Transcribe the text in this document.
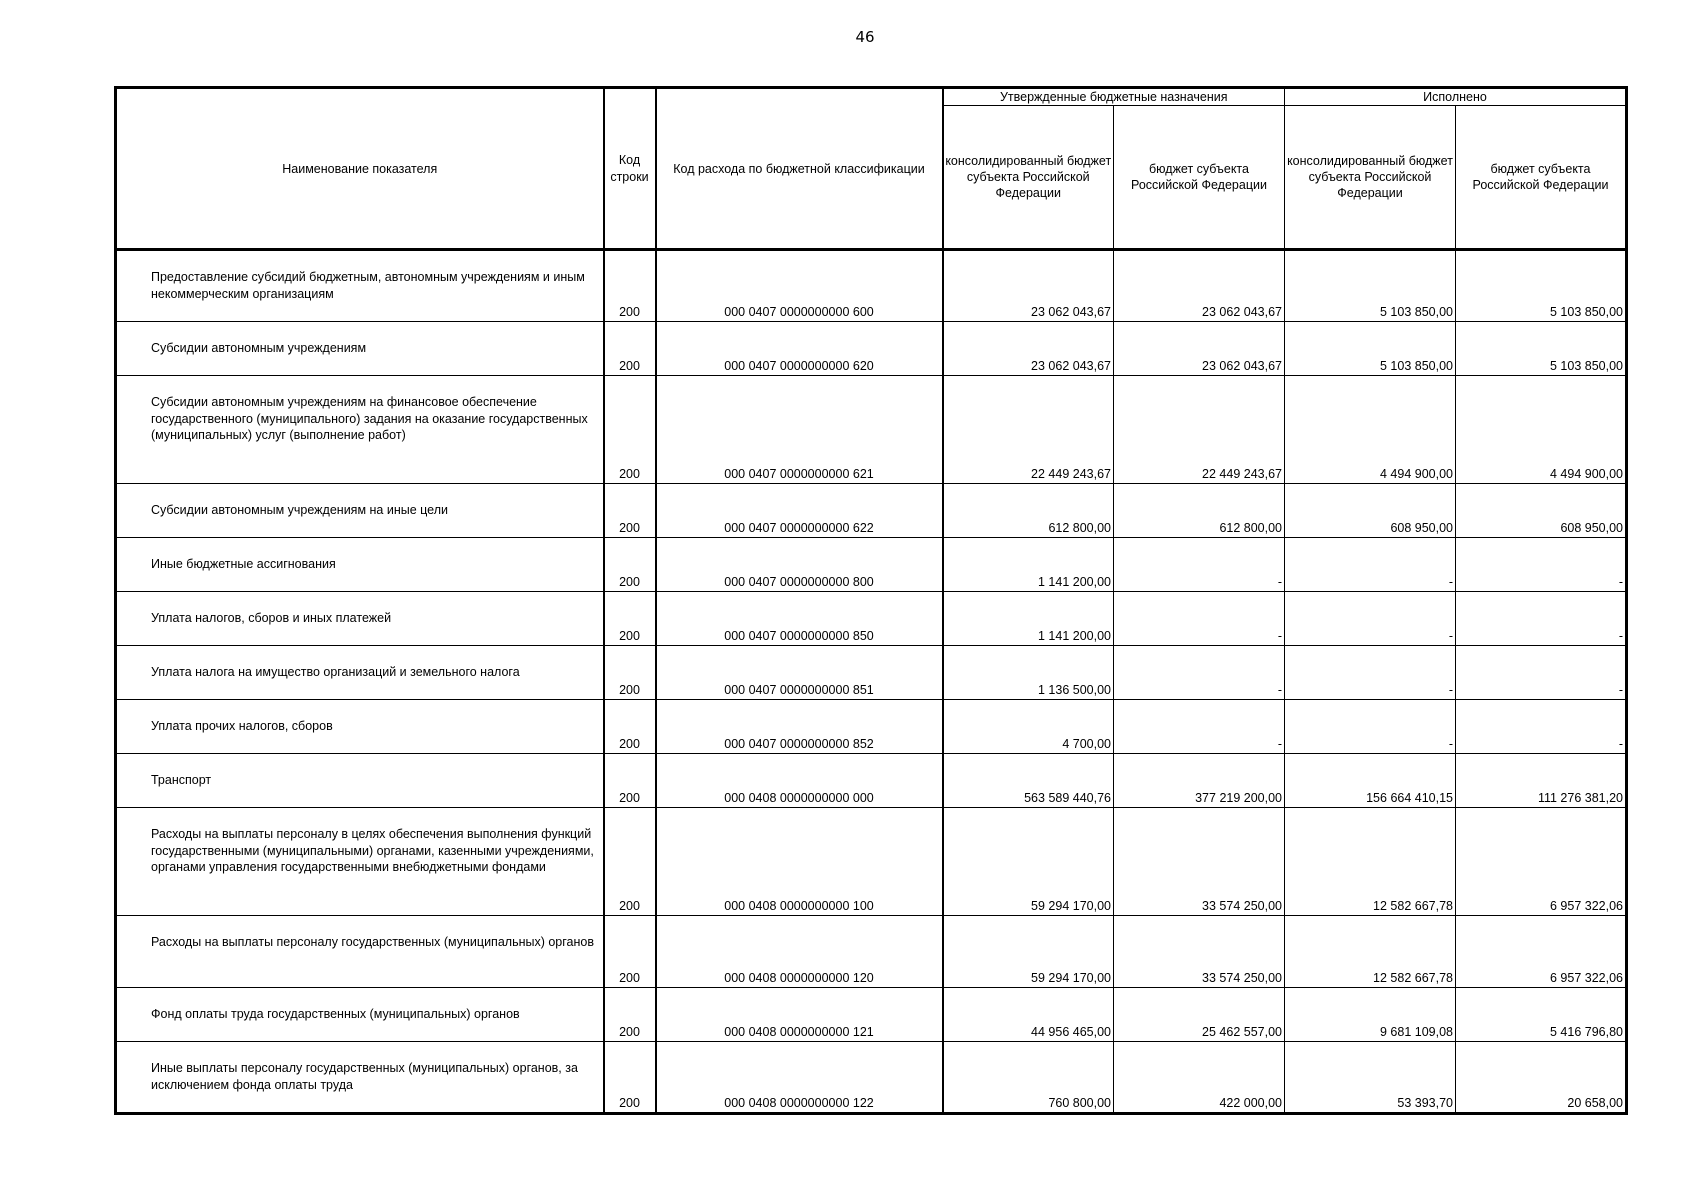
46
Наименование показателя	Код строки	Код расхода по бюджетной классификации	Утвержденные бюджетные назначения		Исполнено	
			консолидированный бюджет субъекта Российской Федерации	бюджет субъекта Российской Федерации	консолидированный бюджет субъекта Российской Федерации	бюджет субъекта Российской Федерации
Предоставление субсидий бюджетным, автономным учреждениям и иным некоммерческим организациям	200	000 0407 0000000000 600	23 062 043,67	23 062 043,67	5 103 850,00	5 103 850,00
Субсидии автономным учреждениям	200	000 0407 0000000000 620	23 062 043,67	23 062 043,67	5 103 850,00	5 103 850,00
Субсидии автономным учреждениям на финансовое обеспечение государственного (муниципального) задания на оказание государственных (муниципальных) услуг (выполнение работ)	200	000 0407 0000000000 621	22 449 243,67	22 449 243,67	4 494 900,00	4 494 900,00
Субсидии автономным учреждениям на иные цели	200	000 0407 0000000000 622	612 800,00	612 800,00	608 950,00	608 950,00
Иные бюджетные ассигнования	200	000 0407 0000000000 800	1 141 200,00	-	-	-
Уплата налогов, сборов и иных платежей	200	000 0407 0000000000 850	1 141 200,00	-	-	-
Уплата налога на имущество организаций и земельного налога	200	000 0407 0000000000 851	1 136 500,00	-	-	-
Уплата прочих налогов, сборов	200	000 0407 0000000000 852	4 700,00	-	-	-
Транспорт	200	000 0408 0000000000 000	563 589 440,76	377 219 200,00	156 664 410,15	111 276 381,20
Расходы на выплаты персоналу в целях обеспечения выполнения функций государственными (муниципальными) органами, казенными учреждениями, органами управления государственными внебюджетными фондами	200	000 0408 0000000000 100	59 294 170,00	33 574 250,00	12 582 667,78	6 957 322,06
Расходы на выплаты персоналу государственных (муниципальных) органов	200	000 0408 0000000000 120	59 294 170,00	33 574 250,00	12 582 667,78	6 957 322,06
Фонд оплаты труда государственных (муниципальных) органов	200	000 0408 0000000000 121	44 956 465,00	25 462 557,00	9 681 109,08	5 416 796,80
Иные выплаты персоналу государственных (муниципальных) органов, за исключением фонда оплаты труда	200	000 0408 0000000000 122	760 800,00	422 000,00	53 393,70	20 658,00
